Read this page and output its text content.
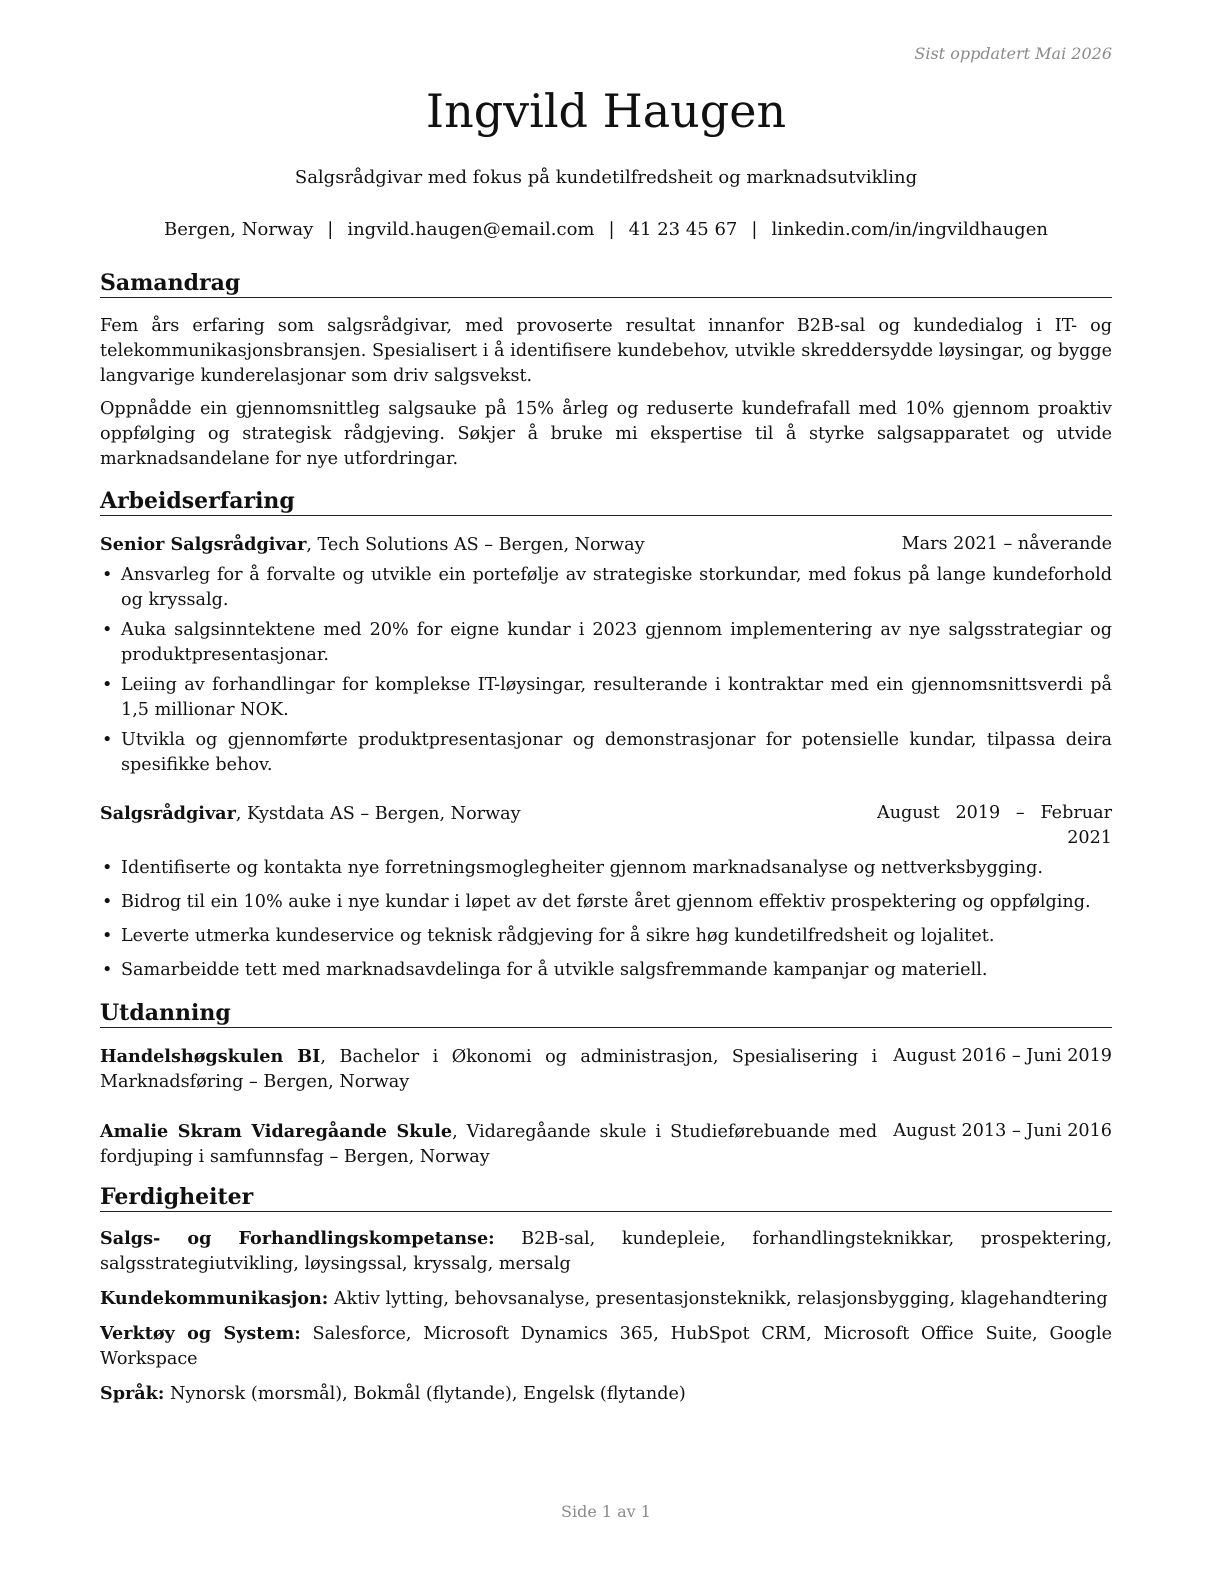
Sist oppdatert Mai 2026
Ingvild Haugen
Salgsrådgivar med fokus på kundetilfredsheit og marknadsutvikling
Bergen, Norway | ingvild.haugen@email.com | 41 23 45 67 | linkedin.com/in/ingvildhaugen
Samandrag

Fem års erfaring som salgsrådgivar, med provoserte resultat innanfor B2B-sal og kundedialog i IT- og telekommunikasjonsbransjen. Spesialisert i å identifisere kundebehov, utvikle skreddersydde løysingar, og bygge langvarige kunderelasjonar som driv salgsvekst.

Oppnådde ein gjennomsnittleg salgsauke på 15% årleg og reduserte kundefrafall med 10% gjennom proaktiv oppfølging og strategisk rådgjeving. Søkjer å bruke mi ekspertise til å styrke salgsapparatet og utvide marknadsandelane for nye utfordringar.

Arbeidserfaring
Senior Salgsrådgivar, Tech Solutions AS – Bergen, Norway	Mars 2021 – nåverande
• Ansvarleg for å forvalte og utvikle ein portefølje av strategiske storkundar, med fokus på lange kundeforhold og kryssalg.
• Auka salgsinntektene med 20% for eigne kundar i 2023 gjennom implementering av nye salgsstrategiar og produktpresentasjonar.
• Leiing av forhandlingar for komplekse IT-løysingar, resulterande i kontraktar med ein gjennomsnittsverdi på 1,5 millionar NOK.
• Utvikla og gjennomførte produktpresentasjonar og demonstrasjonar for potensielle kundar, tilpassa deira spesifikke behov.
Salgsrådgivar, Kystdata AS – Bergen, Norway	August 2019 – Februar 2021
• Identifiserte og kontakta nye forretningsmoglegheiter gjennom marknadsanalyse og nettverksbygging.
• Bidrog til ein 10% auke i nye kundar i løpet av det første året gjennom effektiv prospektering og oppfølging.
• Leverte utmerka kundeservice og teknisk rådgjeving for å sikre høg kundetilfredsheit og lojalitet.
• Samarbeidde tett med marknadsavdelinga for å utvikle salgsfremmande kampanjar og materiell.
Utdanning
Handelshøgskulen BI, Bachelor i Økonomi og administrasjon, Spesialisering i Marknadsføring – Bergen, Norway
August 2016 – Juni 2019
Amalie Skram Vidaregåande Skule, Vidaregåande skule i Studieførebuande med fordjuping i samfunnsfag – Bergen, Norway
August 2013 – Juni 2016
Ferdigheiter

Salgs- og Forhandlingskompetanse: B2B-sal, kundepleie, forhandlingsteknikkar, prospektering, salgsstrategiutvikling, løysingssal, kryssalg, mersalg

Kundekommunikasjon: Aktiv lytting, behovsanalyse, presentasjonsteknikk, relasjonsbygging, klagehandtering

Verktøy og System: Salesforce, Microsoft Dynamics 365, HubSpot CRM, Microsoft Office Suite, Google Workspace

Språk: Nynorsk (morsmål), Bokmål (flytande), Engelsk (flytande)

Side 1 av 1
